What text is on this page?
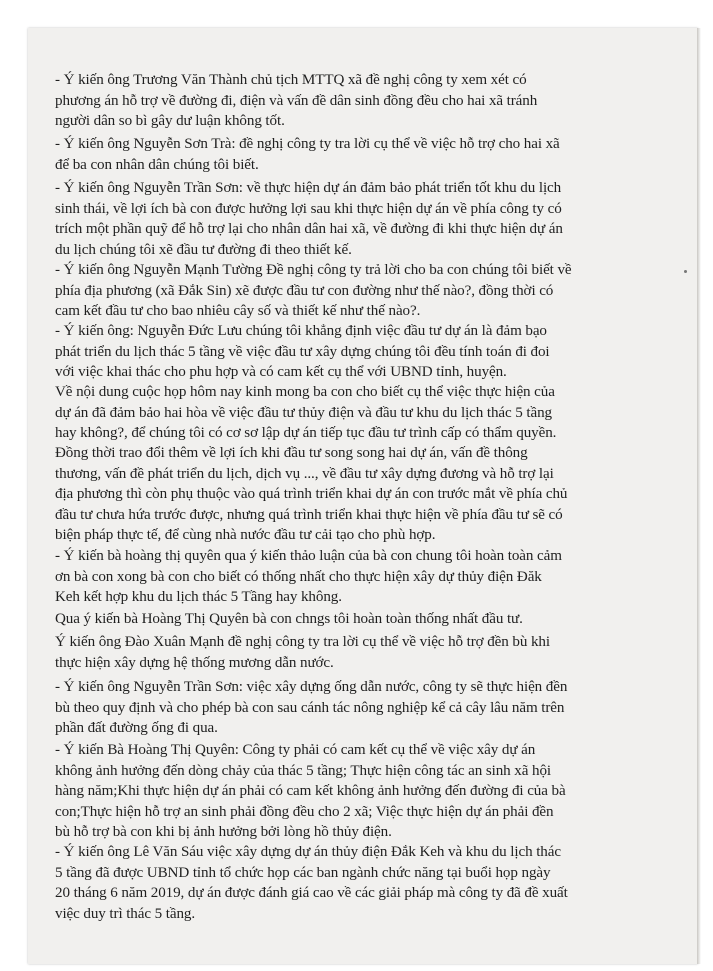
- Ý kiến ông Trương Văn Thành chủ tịch MTTQ xã đề nghị công ty xem xét có
phương án hỗ trợ về đường đi, điện và vấn đề dân sinh đồng đều cho hai xã tránh
người dân so bì gây dư luận không tốt.
- Ý kiến ông Nguyễn Sơn Trà: đề nghị công ty tra lời cụ thể về việc hỗ trợ cho hai xã
để ba con nhân dân chúng tôi biết.
- Ý kiến ông Nguyễn Trần Sơn: về thực hiện dự án đảm bảo phát triển tốt khu du lịch
sinh thái, về lợi ích bà con được hưởng lợi sau khi thực hiện dự án về phía công ty có
trích một phần quỹ để hỗ trợ lại cho nhân dân hai xã, về đường đi khi thực hiện dự án
du lịch chúng tôi xẽ đầu tư đường đi theo thiết kế.
- Ý kiến ông Nguyễn Mạnh Tường Đề nghị công ty trả lời cho ba con chúng tôi biết về
phía địa phương (xã Đắk Sin) xẽ được đầu tư con đường như thế nào?, đồng thời có
cam kết đầu tư cho bao nhiêu cây số và thiết kế như thế nào?.
- Ý kiến ông: Nguyễn Đức Lưu chúng tôi khẳng định việc đầu tư dự án là đảm bạo
phát triển du lịch thác 5 tầng về việc đầu tư xây dựng chúng tôi đều tính toán đi đoi
với việc khai thác cho phu hợp và có cam kết cụ thể với UBND tỉnh, huyện.
Về nội dung cuộc họp hôm nay kinh mong ba con cho biết cụ thể việc thực hiện của
dự án đã đảm bảo hai hòa về việc đầu tư thủy điện và đầu tư khu du lịch thác 5 tầng
hay không?, để chúng tôi có cơ sơ lập dự án tiếp tục đầu tư trình cấp có thẩm quyền.
Đồng thời trao đổi thêm về lợi ích khi đầu tư song song hai dự án, vấn đề thông
thương, vấn đề phát triển du lịch, dịch vụ ..., về đầu tư xây dựng đương và hỗ trợ lại
địa phương thì còn phụ thuộc vào quá trình triển khai dự án con trước mắt về phía chủ
đầu tư chưa hứa trước được, nhưng quá trình triển khai thực hiện về phía đầu tư sẽ có
biện pháp thực tế, để cùng nhà nước đầu tư cải tạo cho phù hợp.
- Ý kiến bà hoàng thị quyên qua ý kiến thảo luận của bà con chung tôi hoàn toàn cảm
ơn bà con xong bà con cho biết có thống nhất cho thực hiện xây dự thủy điện Đăk
Keh kết hợp khu du lịch thác 5 Tầng hay không.
Qua ý kiến bà Hoàng Thị Quyên bà con chngs tôi hoàn toàn thống nhất đầu tư.
Ý kiến ông Đào Xuân Mạnh đề nghị công ty tra lời cụ thể về việc hỗ trợ đền bù khi
thực hiện xây dựng hệ thống mương dẫn nước.
- Ý kiến ông Nguyễn Trần Sơn: việc xây dựng ống dẫn nước, công ty sẽ thực hiện đền
bù theo quy định và cho phép bà con sau cánh tác nông nghiệp kể cả cây lâu năm trên
phần đất đường ống đi qua.
- Ý kiến Bà Hoàng Thị Quyên: Công ty phải có cam kết cụ thể về việc xây dự án
không ảnh hưởng đến dòng chảy của thác 5 tầng; Thực hiện công tác an sinh xã hội
hàng năm;Khi thực hiện dự án phải có cam kết không ảnh hưởng đến đường đi của bà
con;Thực hiện hỗ trợ an sinh phải đồng đều cho 2 xã; Việc thực hiện dự án phải đền
bù hỗ trợ bà con khi bị ảnh hưởng bởi lòng hồ thủy điện.
- Ý kiến ông Lê Văn Sáu việc xây dựng dự án thủy điện Đắk Keh và khu du lịch thác
5 tầng đã được UBND tỉnh tổ chức họp các ban ngành chức năng tại buổi họp ngày
20 tháng 6 năm 2019, dự án được đánh giá cao về các giải pháp mà công ty đã đề xuất
việc duy trì thác 5 tầng.
